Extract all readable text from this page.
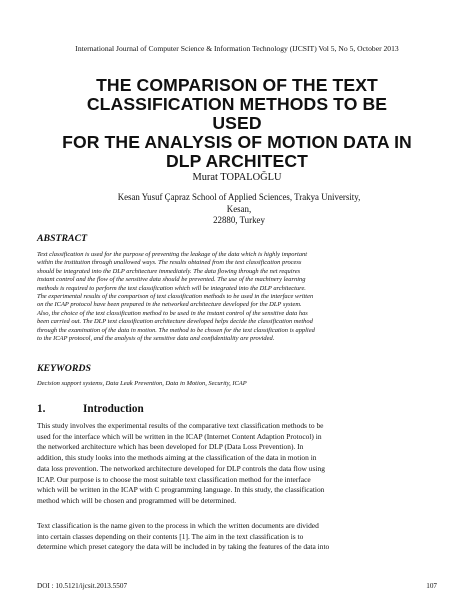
International Journal of Computer Science & Information Technology (IJCSIT) Vol 5, No 5, October 2013
THE COMPARISON OF THE TEXT
CLASSIFICATION METHODS TO BE USED
FOR THE ANALYSIS OF MOTION DATA IN
DLP ARCHITECT
Murat TOPALOĞLU
Kesan Yusuf Çapraz School of Applied Sciences, Trakya University, Kesan,
22880, Turkey
ABSTRACT
Text classification is used for the purpose of preventing the leakage of the data which is highly important
within the institution through unallowed ways. The results obtained from the text classification process
should be integrated into the DLP architecture immediately. The data flowing through the net requires
instant control and the flow of the sensitive data should be prevented. The use of the machinery learning
methods is required to perform the text classification which will be integrated into the DLP architecture.
The experimental results of the comparison of text classification methods to be used in the interface written
on the ICAP protocol have been prepared in the networked architecture developed for the DLP system.
Also, the choice of the text classification method to be used in the instant control of the sensitive data has
been carried out. The DLP text classification architecture developed helps decide the classification method
through the examination of the data in motion. The method to be chosen for the text classification is applied
to the ICAP protocol, and the analysis of the sensitive data and confidentiality are provided.
KEYWORDS
Decision support systems, Data Leak Prevention, Data in Motion, Security, ICAP
1.	Introduction
This study involves the experimental results of the comparative text classification methods to be
used for the interface which will be written in the ICAP (Internet Content Adaption Protocol) in
the networked architecture which has been developed for DLP (Data Loss Prevention). In
addition, this study looks into the methods aiming at the classification of the data in motion in
data loss prevention. The networked architecture developed for DLP controls the data flow using
ICAP. Our purpose is to choose the most suitable text classification method for the interface
which will be written in the ICAP with C programming language. In this study, the classification
method which will be chosen and programmed will be determined.
Text classification is the name given to the process in which the written documents are divided
into certain classes depending on their contents [1]. The aim in the text classification is to
determine which preset category the data will be included in by taking the features of the data into
DOI : 10.5121/ijcsit.2013.5507	107
